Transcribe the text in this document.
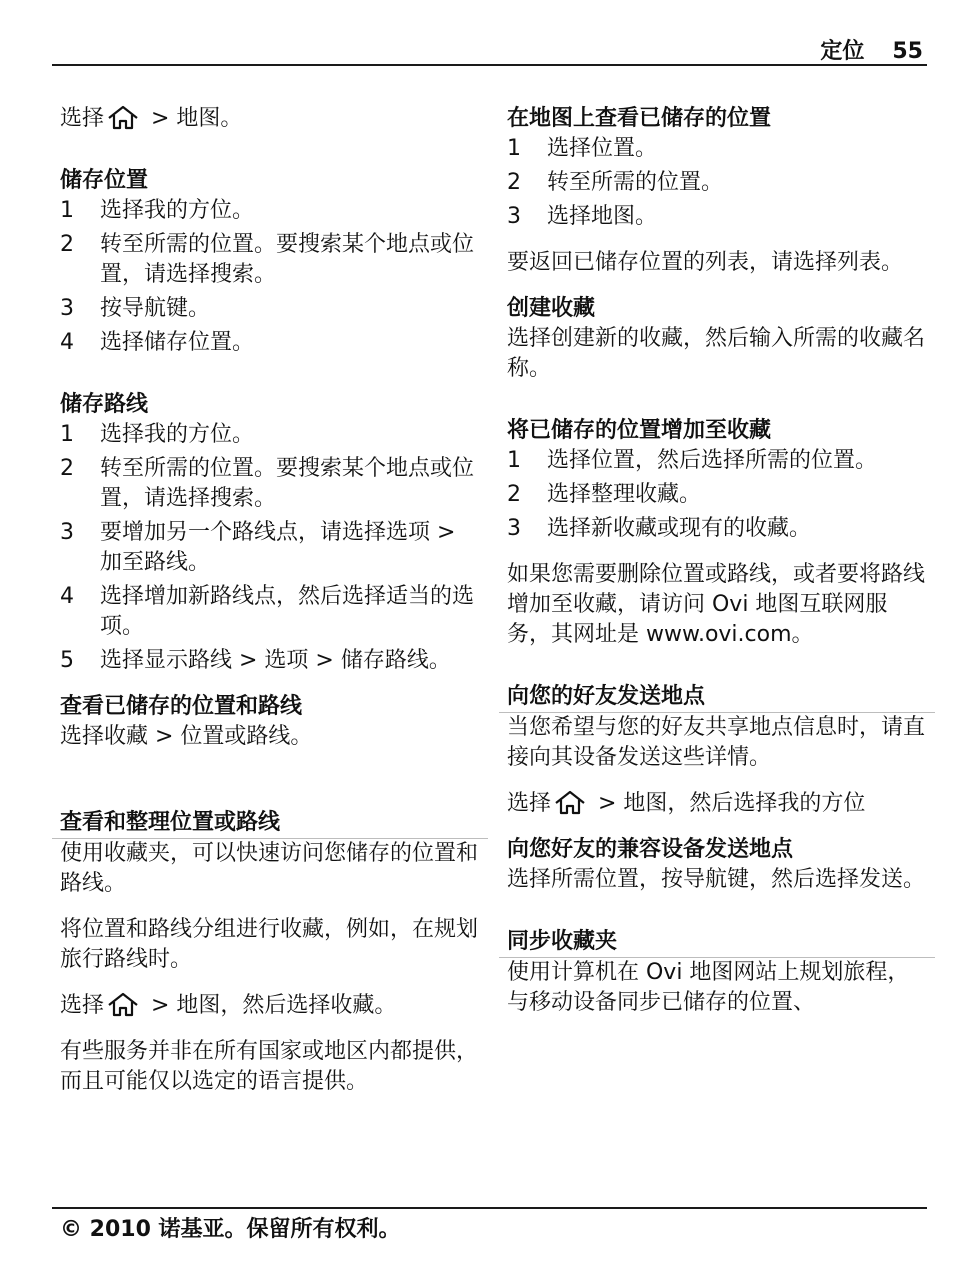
定位 55
选择 > 地图。
储存位置
1	选择我的方位。
2	转至所需的位置。要搜索某个地点或位置，请选择搜索。
3	按导航键。
4	选择储存位置。
储存路线
1	选择我的方位。
2	转至所需的位置。要搜索某个地点或位置，请选择搜索。
3	要增加另一个路线点，请选择选项 > 加至路线。
4	选择增加新路线点，然后选择适当的选项。
5	选择显示路线 > 选项 > 储存路线。
查看已储存的位置和路线
选择收藏 > 位置或路线。
查看和整理位置或路线
使用收藏夹，可以快速访问您储存的位置和路线。
将位置和路线分组进行收藏，例如，在规划旅行路线时。
选择 > 地图，然后选择收藏。
有些服务并非在所有国家或地区内都提供，而且可能仅以选定的语言提供。
在地图上查看已储存的位置
1	选择位置。
2	转至所需的位置。
3	选择地图。
要返回已储存位置的列表，请选择列表。
创建收藏
选择创建新的收藏，然后输入所需的收藏名称。
将已储存的位置增加至收藏
1	选择位置，然后选择所需的位置。
2	选择整理收藏。
3	选择新收藏或现有的收藏。
如果您需要删除位置或路线，或者要将路线增加至收藏，请访问 Ovi 地图互联网服务，其网址是 www.ovi.com。
向您的好友发送地点
当您希望与您的好友共享地点信息时，请直接向其设备发送这些详情。
选择 > 地图，然后选择我的方位
向您好友的兼容设备发送地点
选择所需位置，按导航键，然后选择发送。
同步收藏夹
使用计算机在 Ovi 地图网站上规划旅程，与移动设备同步已储存的位置、
© 2010 诺基亚。保留所有权利。
